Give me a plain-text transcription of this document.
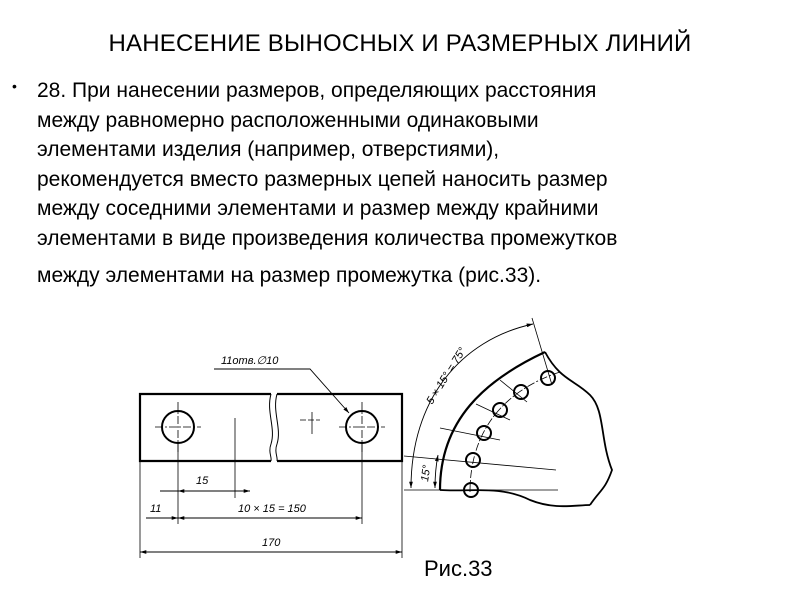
НАНЕСЕНИЕ ВЫНОСНЫХ И РАЗМЕРНЫХ ЛИНИЙ
• 28. При нанесении размеров, определяющих расстояния
между равномерно расположенными одинаковыми
элементами изделия (например, отверстиями),
рекомендуется вместо размерных цепей наносить размер
между соседними элементами и размер между крайними
элементами в виде произведения количества промежутков
между элементами на размер промежутка (рис.33).
11отв.∅10
15
10 × 15 = 150
11
170
5 × 15° = 75°
15°
Рис.33
